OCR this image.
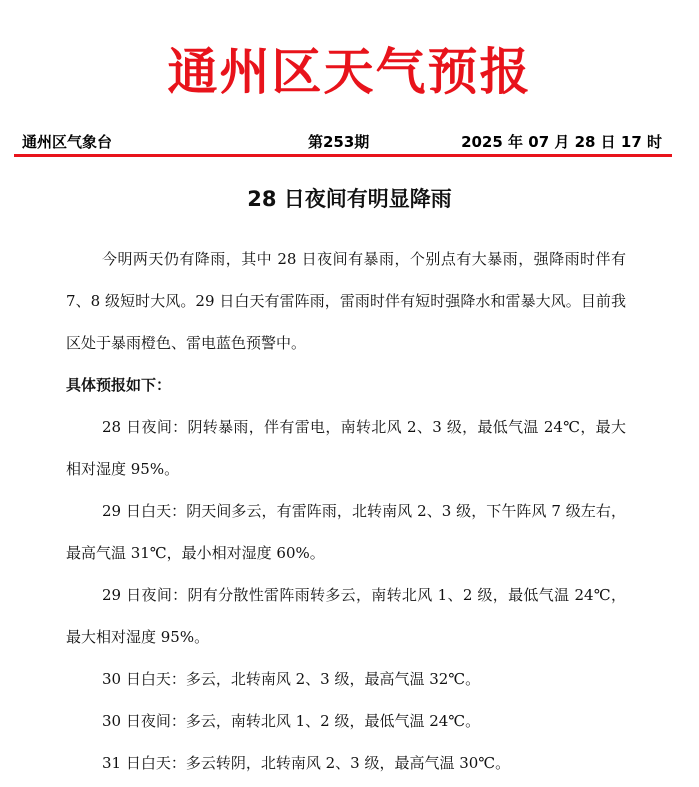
通州区天气预报
通州区气象台	第253期	2025 年 07 月 28 日 17 时
28 日夜间有明显降雨

今明两天仍有降雨，其中 28 日夜间有暴雨，个别点有大暴雨，强降雨时伴有 7、8 级短时大风。29 日白天有雷阵雨，雷雨时伴有短时强降水和雷暴大风。目前我区处于暴雨橙色、雷电蓝色预警中。

具体预报如下：

28 日夜间：阴转暴雨，伴有雷电，南转北风 2、3 级，最低气温 24℃，最大相对湿度 95%。

29 日白天：阴天间多云，有雷阵雨，北转南风 2、3 级，下午阵风 7 级左右，最高气温 31℃，最小相对湿度 60%。

29 日夜间：阴有分散性雷阵雨转多云，南转北风 1、2 级，最低气温 24℃，最大相对湿度 95%。

30 日白天：多云，北转南风 2、3 级，最高气温 32℃。

30 日夜间：多云，南转北风 1、2 级，最低气温 24℃。

31 日白天：多云转阴，北转南风 2、3 级，最高气温 30℃。
